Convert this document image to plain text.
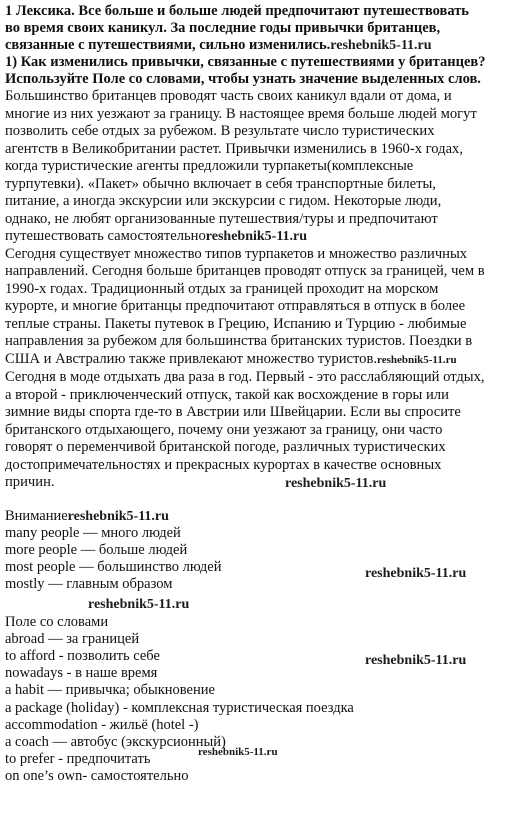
1 Лексика. Все больше и больше людей предпочитают путешествовать
во время своих каникул. За последние годы привычки британцев,
связанные с путешествиями, сильно изменились.reshebnik5-11.ru
1) Как изменились привычки, связанные с путешествиями у британцев?
Используйте Поле со словами, чтобы узнать значение выделенных слов.
Большинство британцев проводят часть своих каникул вдали от дома, и
многие из них уезжают за границу. В настоящее время больше людей могут
позволить себе отдых за рубежом. В результате число туристических
агентств в Великобритании растет. Привычки изменились в 1960-х годах,
когда туристические агенты предложили турпакеты(комплексные
турпутевки). «Пакет» обычно включает в себя транспортные билеты,
питание, а иногда экскурсии или экскурсии с гидом. Некоторые люди,
однако, не любят организованные путешествия/туры и предпочитают
путешествовать самостоятельноreshebnik5-11.ru
Сегодня существует множество типов турпакетов и множество различных
направлений. Сегодня больше британцев проводят отпуск за границей, чем в
1990-х годах. Традиционный отдых за границей проходит на морском
курорте, и многие британцы предпочитают отправляться в отпуск в более
теплые страны. Пакеты путевок в Грецию, Испанию и Турцию - любимые
направления за рубежом для большинства британских туристов. Поездки в
США и Австралию также привлекают множество туристов.reshebnik5-11.ru
Сегодня в моде отдыхать два раза в год. Первый - это расслабляющий отдых,
а второй - приключенческий отпуск, такой как восхождение в горы или
зимние виды спорта где-то в Австрии или Швейцарии. Если вы спросите
британского отдыхающего, почему они уезжают за границу, они часто
говорят о переменчивой британской погоде, различных туристических
достопримечательностях и прекрасных курортах в качестве основных
причин.	reshebnik5-11.ru
Вниманиеreshebnik5-11.ru
many people — много людей
more people — больше людей
most people — большинство людей
mostly — главным образом
reshebnik5-11.ru
reshebnik5-11.ru
Поле со словами
abroad — за границей
to afford - позволить себе
nowadays - в наше время
a habit — привычка; обыкновение
a package (holiday) - комплексная туристическая поездка
accommodation - жильё (hotel -)
a coach — автобус (экскурсионный)
to prefer - предпочитать
on one’s own- самостоятельно
reshebnik5-11.ru
reshebnik5-11.ru
